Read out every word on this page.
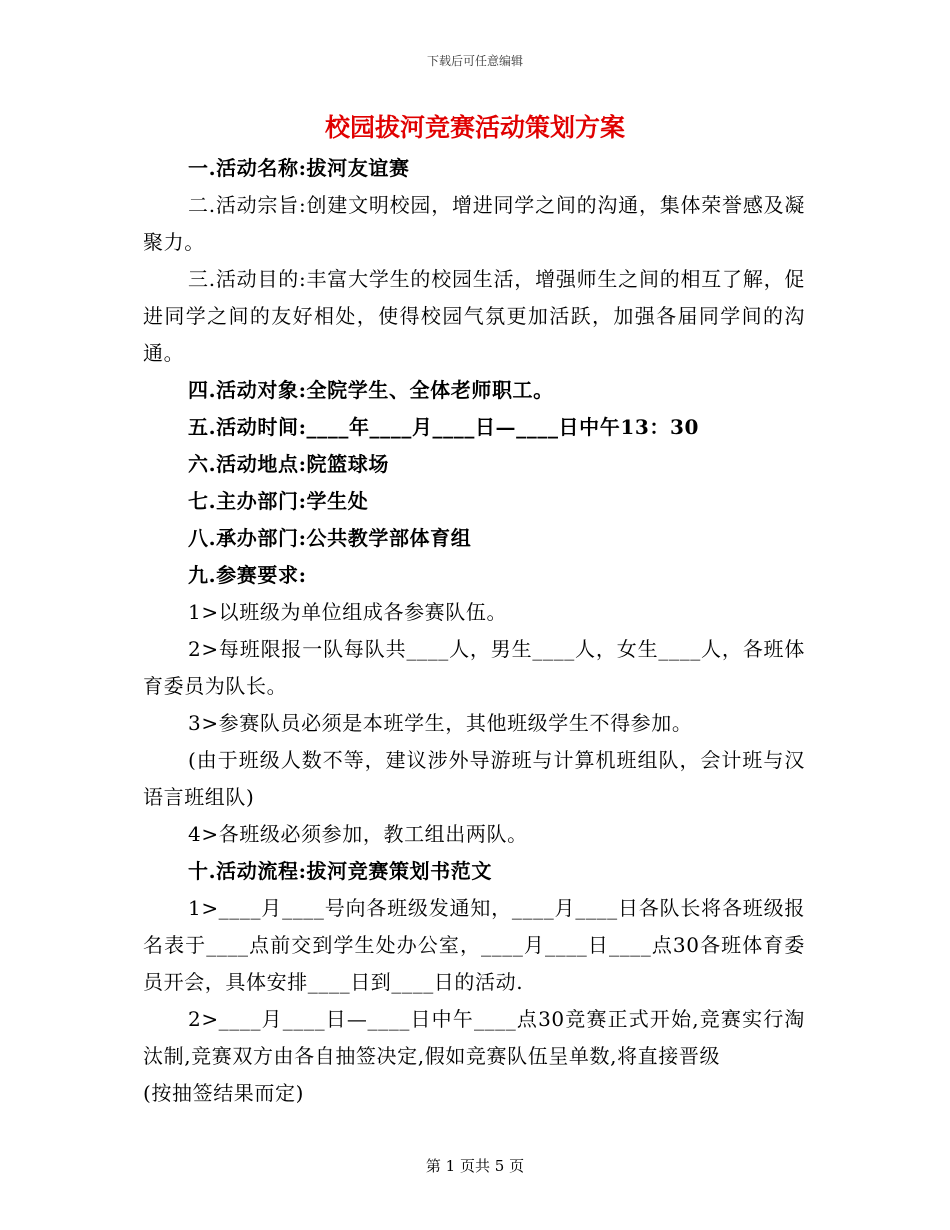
下载后可任意编辑
校园拔河竞赛活动策划方案

一.活动名称:拔河友谊赛

二.活动宗旨:创建文明校园，增进同学之间的沟通，集体荣誉感及凝聚力。

三.活动目的:丰富大学生的校园生活，增强师生之间的相互了解，促进同学之间的友好相处，使得校园气氛更加活跃，加强各届同学间的沟通。

四.活动对象:全院学生、全体老师职工。

五.活动时间:____年____月____日—____日中午13：30

六.活动地点:院篮球场

七.主办部门:学生处

八.承办部门:公共教学部体育组

九.参赛要求:

1>以班级为单位组成各参赛队伍。

2>每班限报一队每队共____人，男生____人，女生____人，各班体育委员为队长。

3>参赛队员必须是本班学生，其他班级学生不得参加。

(由于班级人数不等，建议涉外导游班与计算机班组队，会计班与汉语言班组队)

4>各班级必须参加，教工组出两队。

十.活动流程:拔河竞赛策划书范文

1>____月____号向各班级发通知，____月____日各队长将各班级报名表于____点前交到学生处办公室，____月____日____点30各班体育委员开会，具体安排____日到____日的活动.

2>____月____日—____日中午____点30竞赛正式开始,竞赛实行淘汰制,竞赛双方由各自抽签决定,假如竞赛队伍呈单数,将直接晋级

(按抽签结果而定)

第 1 页共 5 页
